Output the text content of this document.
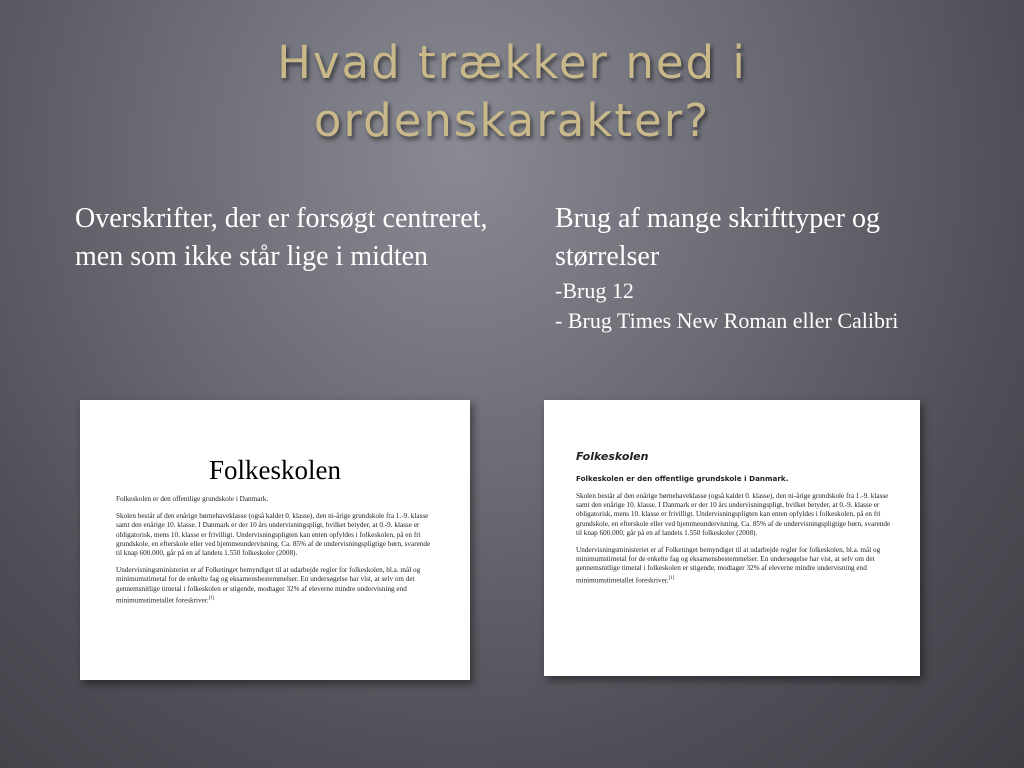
Hvad trækker ned i
ordenskarakter?
Overskrifter, der er forsøgt centreret, men som ikke står lige i midten
Brug af mange skrifttyper og størrelser
-Brug 12
- Brug Times New Roman eller Calibri
Folkeskolen

Folkeskolen er den offentlige grundskole i Danmark.

Skolen består af den enårige børnehaveklasse (også kaldet 0. klasse), den ni-årige grundskole fra 1.-9. klasse samt den enårige 10. klasse. I Danmark er der 10 års undervisningspligt, hvilket betyder, at 0.-9. klasse er obligatorisk, mens 10. klasse er frivilligt. Undervisningspligten kan enten opfyldes i folkeskolen, på en fri grundskole, en efterskole eller ved hjemmeundervisning. Ca. 85% af de undervisningspligtige børn, svarende til knap 600.000, går på en af landets 1.550 folkeskoler (2008).

Undervisningsministeriet er af Folketinget bemyndiget til at udarbejde regler for folkeskolen, bl.a. mål og minimumstimetal for de enkelte fag og eksamensbestemmelser. En undersøgelse har vist, at selv om det gennemsnitlige timetal i folkeskolen er stigende, modtager 32% af eleverne mindre undervisning end minimumstimetallet foreskriver.[1]

Folkeskolen
Folkeskolen er den offentlige grundskole i Danmark.

Skolen består af den enårige børnehaveklasse (også kaldet 0. klasse), den ni-årige grundskole fra 1.-9. klasse samt den enårige 10. klasse. I Danmark er der 10 års undervisningspligt, hvilket betyder, at 0.-9. klasse er obligatorisk, mens 10. klasse er frivilligt. Undervisningspligten kan enten opfyldes i folkeskolen, på en fri grundskole, en efterskole eller ved hjemmeundervisning. Ca. 85% af de undervisningspligtige børn, svarende til knap 600.000, går på en af landets 1.550 folkeskoler (2008).

Undervisningsministeriet er af Folketinget bemyndiget til at udarbejde regler for folkeskolen, bl.a. mål og minimumstimetal for de enkelte fag og eksamensbestemmelser. En undersøgelse har vist, at selv om det gennemsnitlige timetal i folkeskolen er stigende, modtager 32% af eleverne mindre undervisning end minimumstimetallet foreskriver.[1]
